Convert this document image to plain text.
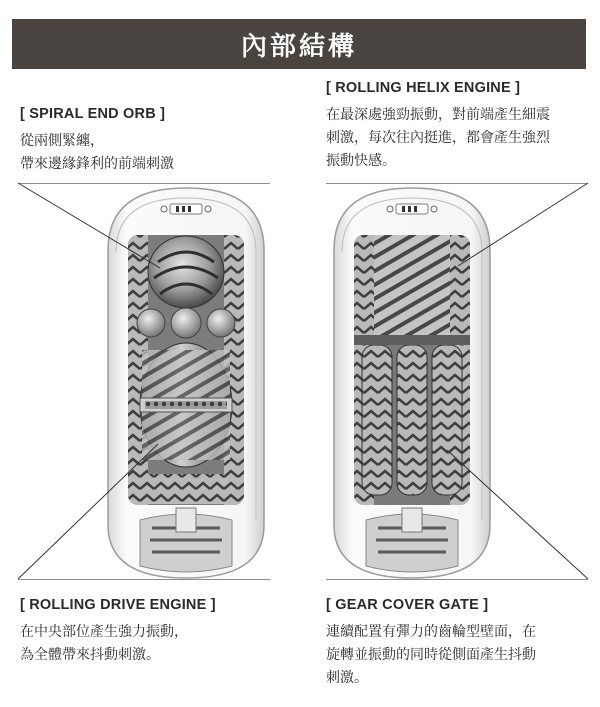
內部結構
[ SPIRAL END ORB ]

從兩側緊纏，
帶來邊緣鋒利的前端刺激

[ ROLLING HELIX ENGINE ]

在最深處強勁振動，對前端產生細震
刺激，每次往內挺進，都會產生強烈
振動快感。

[ ROLLING DRIVE ENGINE ]

在中央部位產生強力振動，
為全體帶來抖動刺激。

[ GEAR COVER GATE ]

連續配置有彈力的齒輪型壁面，在
旋轉並振動的同時從側面產生抖動
刺激。
